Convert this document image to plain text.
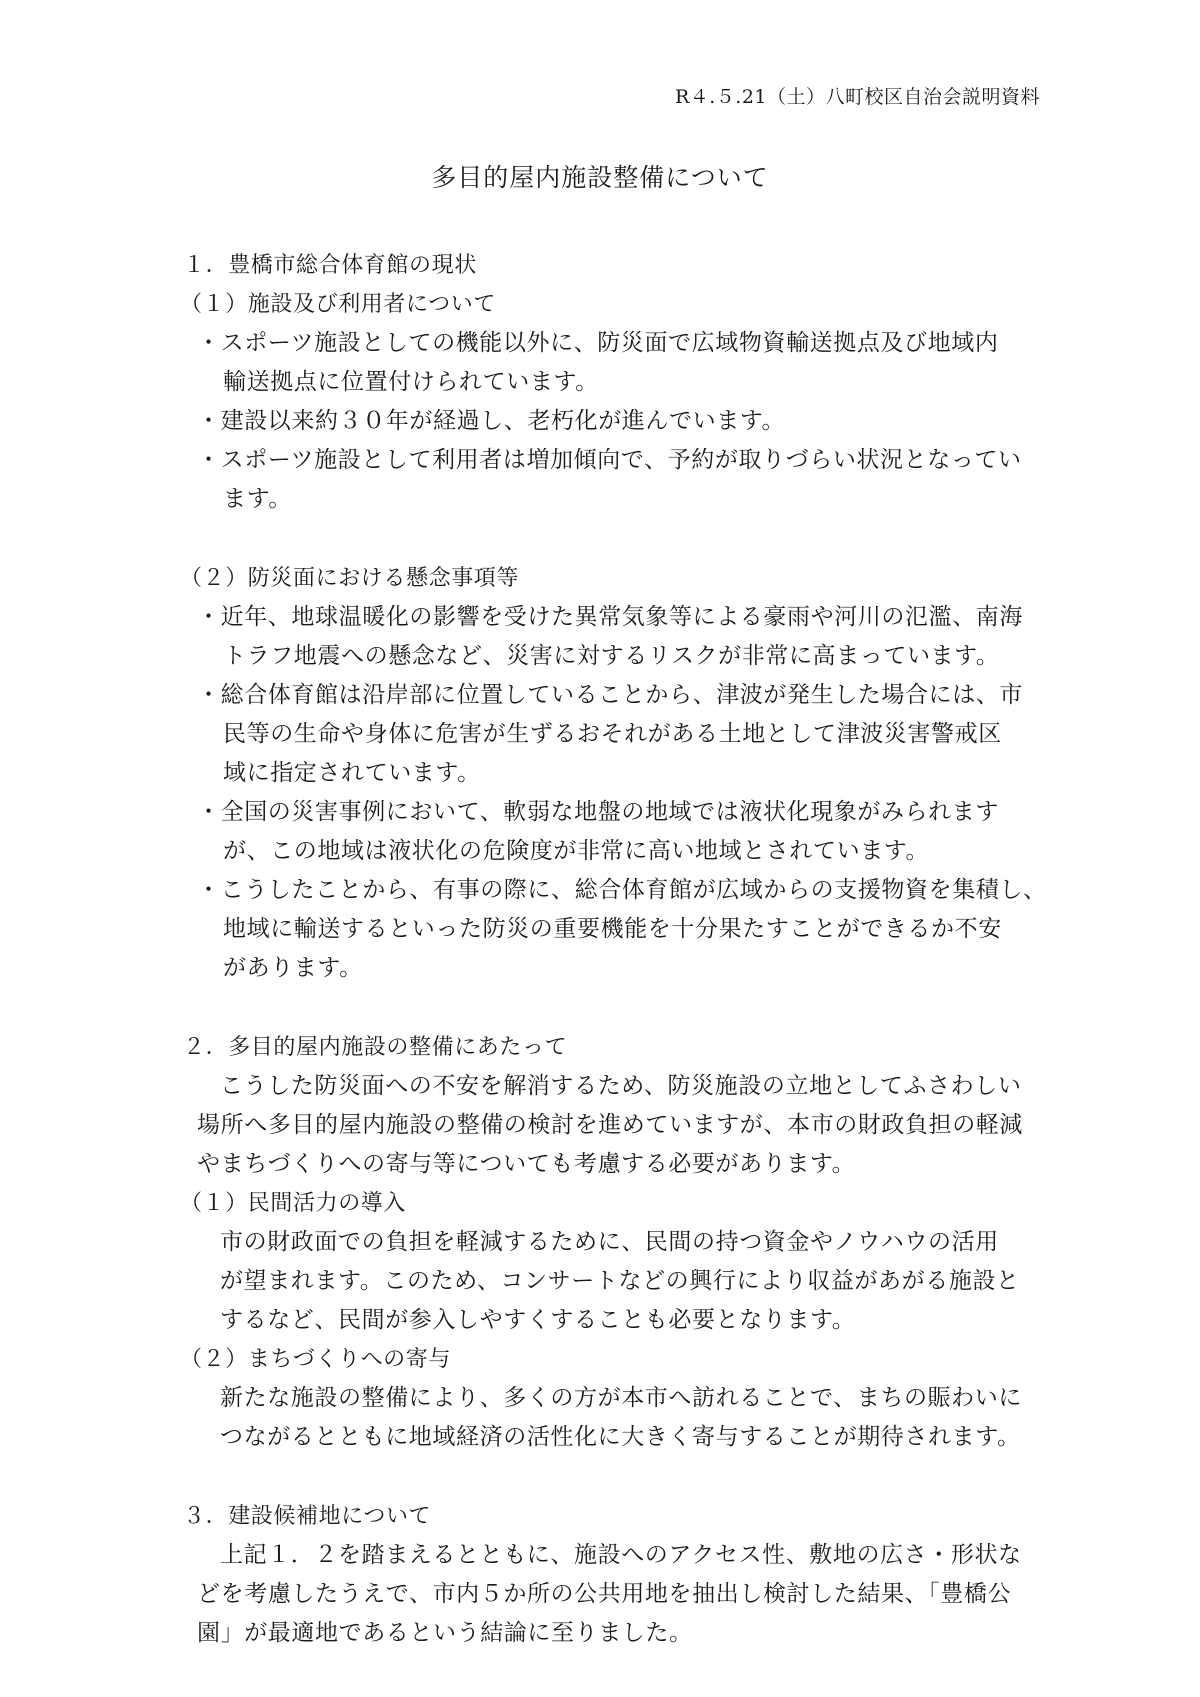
R４.５.21（土）八町校区自治会説明資料
多目的屋内施設整備について
１．豊橋市総合体育館の現状
（１）施設及び利用者について
・スポーツ施設としての機能以外に、防災面で広域物資輸送拠点及び地域内
輸送拠点に位置付けられています。
・建設以来約３０年が経過し、老朽化が進んでいます。
・スポーツ施設として利用者は増加傾向で、予約が取りづらい状況となってい
ます。
（２）防災面における懸念事項等
・近年、地球温暖化の影響を受けた異常気象等による豪雨や河川の氾濫、南海
トラフ地震への懸念など、災害に対するリスクが非常に高まっています。
・総合体育館は沿岸部に位置していることから、津波が発生した場合には、市
民等の生命や身体に危害が生ずるおそれがある土地として津波災害警戒区
域に指定されています。
・全国の災害事例において、軟弱な地盤の地域では液状化現象がみられます
が、この地域は液状化の危険度が非常に高い地域とされています。
・こうしたことから、有事の際に、総合体育館が広域からの支援物資を集積し、
地域に輸送するといった防災の重要機能を十分果たすことができるか不安
があります。
２．多目的屋内施設の整備にあたって
こうした防災面への不安を解消するため、防災施設の立地としてふさわしい
場所へ多目的屋内施設の整備の検討を進めていますが、本市の財政負担の軽減
やまちづくりへの寄与等についても考慮する必要があります。
（１）民間活力の導入
市の財政面での負担を軽減するために、民間の持つ資金やノウハウの活用
が望まれます。このため、コンサートなどの興行により収益があがる施設と
するなど、民間が参入しやすくすることも必要となります。
（２）まちづくりへの寄与
新たな施設の整備により、多くの方が本市へ訪れることで、まちの賑わいに
つながるとともに地域経済の活性化に大きく寄与することが期待されます。
３．建設候補地について
上記１．２を踏まえるとともに、施設へのアクセス性、敷地の広さ・形状な
どを考慮したうえで、市内５か所の公共用地を抽出し検討した結果、「豊橋公
園」が最適地であるという結論に至りました。
